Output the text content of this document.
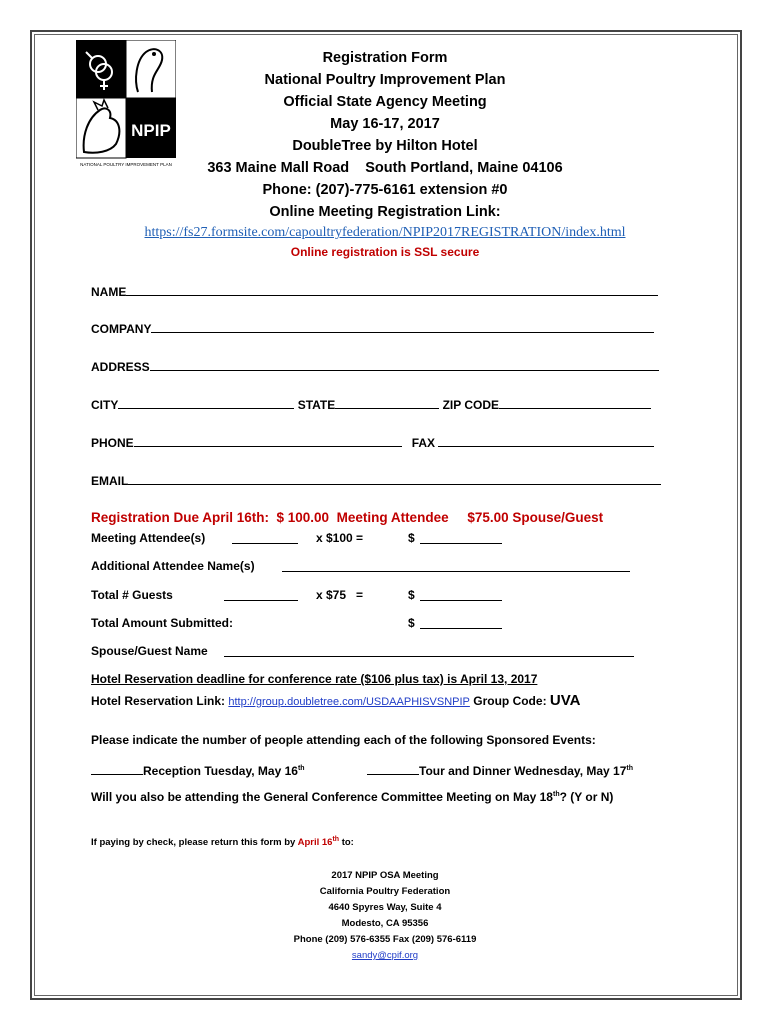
NPIP
NATIONAL POULTRY IMPROVEMENT PLAN
Registration Form
National Poultry Improvement Plan
Official State Agency Meeting
May 16-17, 2017
DoubleTree by Hilton Hotel
363 Maine Mall Road    South Portland, Maine 04106
Phone: (207)-775-6161 extension #0
Online Meeting Registration Link:
https://fs27.formsite.com/capoultryfederation/NPIP2017REGISTRATION/index.html
Online registration is SSL secure
NAME
COMPANY
ADDRESS
CITY	STATE	ZIP CODE
PHONE	FAX
EMAIL
Registration Due April 16th:  $ 100.00  Meeting Attendee     $75.00 Spouse/Guest
Meeting Attendee(s)	x $100 =	$
Additional Attendee Name(s)
Total # Guests	x $75   =	$
Total Amount Submitted:	$
Spouse/Guest Name
Hotel Reservation deadline for conference rate ($106 plus tax) is April 13, 2017
Hotel Reservation Link: http://group.doubletree.com/USDAAPHISVSNPIP Group Code: UVA
Please indicate the number of people attending each of the following Sponsored Events:
Reception Tuesday, May 16th	Tour and Dinner Wednesday, May 17th
Will you also be attending the General Conference Committee Meeting on May 18th? (Y or N)
If paying by check, please return this form by April 16th to:
2017 NPIP OSA Meeting
California Poultry Federation
4640 Spyres Way, Suite 4
Modesto, CA 95356
Phone (209) 576-6355 Fax (209) 576-6119
sandy@cpif.org
